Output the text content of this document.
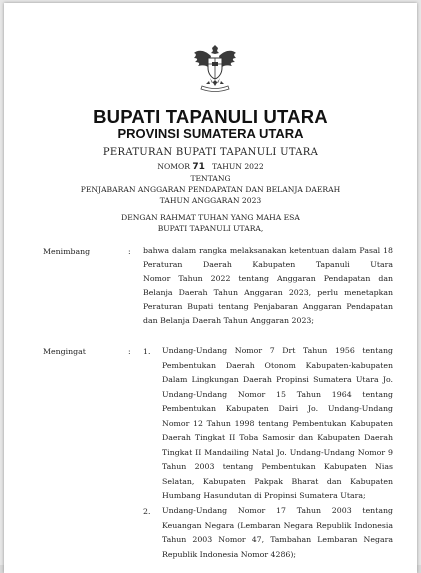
BUPATI TAPANULI UTARA
PROVINSI SUMATERA UTARA
PERATURAN BUPATI TAPANULI UTARA
NOMOR 71 TAHUN 2022
TENTANG
PENJABARAN ANGGARAN PENDAPATAN DAN BELANJA DAERAH
TAHUN ANGGARAN 2023
DENGAN RAHMAT TUHAN YANG MAHA ESA
BUPATI TAPANULI UTARA,
Menimbang	: bahwa dalam rangka melaksanakan ketentuan dalam Pasal 18
Peraturan Daerah Kabupaten Tapanuli Utara
Nomor Tahun 2022 tentang Anggaran Pendapatan dan
Belanja Daerah Tahun Anggaran 2023, perlu menetapkan
Peraturan Bupati tentang Penjabaran Anggaran Pendapatan
dan Belanja Daerah Tahun Anggaran 2023;
Mengingat	: 1. Undang-Undang Nomor 7 Drt Tahun 1956 tentang
Pembentukan Daerah Otonom Kabupaten-kabupaten
Dalam Lingkungan Daerah Propinsi Sumatera Utara Jo.
Undang-Undang Nomor 15 Tahun 1964 tentang
Pembentukan Kabupaten Dairi Jo. Undang-Undang
Nomor 12 Tahun 1998 tentang Pembentukan Kabupaten
Daerah Tingkat II Toba Samosir dan Kabupaten Daerah
Tingkat II Mandailing Natal Jo. Undang-Undang Nomor 9
Tahun 2003 tentang Pembentukan Kabupaten Nias
Selatan, Kabupaten Pakpak Bharat dan Kabupaten
Humbang Hasundutan di Propinsi Sumatera Utara;
2. Undang-Undang Nomor 17 Tahun 2003 tentang
Keuangan Negara (Lembaran Negara Republik Indonesia
Tahun 2003 Nomor 47, Tambahan Lembaran Negara
Republik Indonesia Nomor 4286);
